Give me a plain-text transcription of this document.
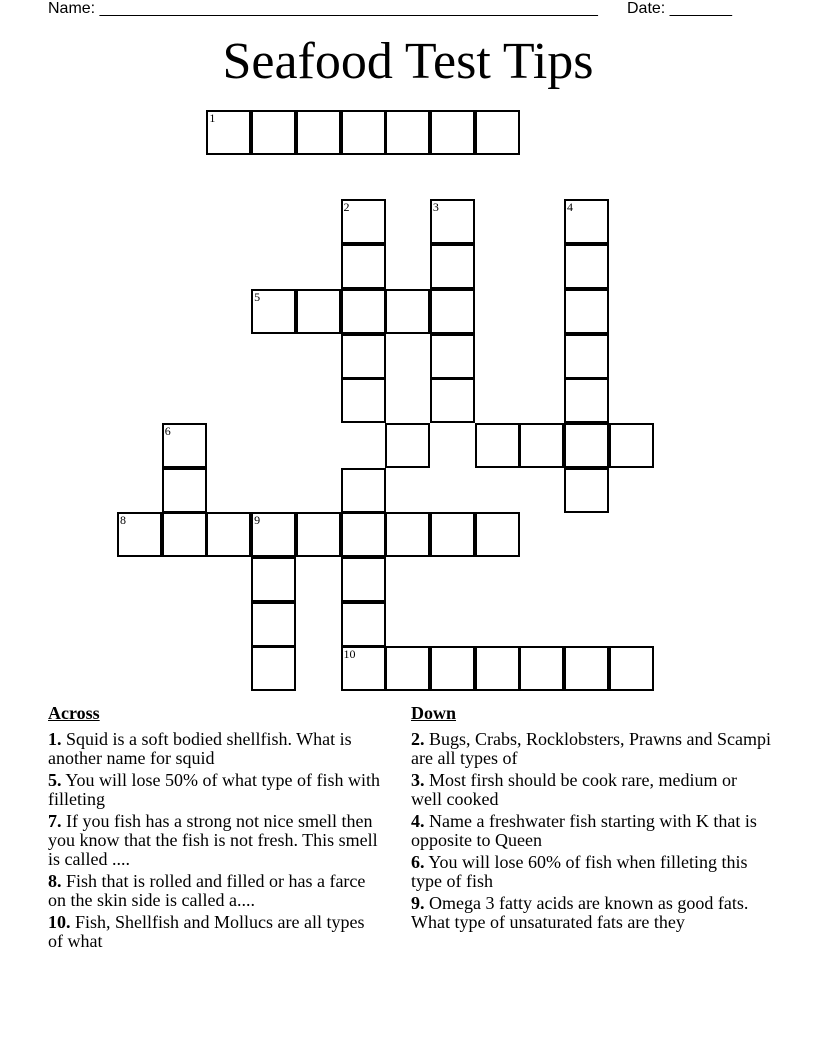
Name: ________________________________________________________ Date: _______
Seafood Test Tips
1
2	3	4
5
6
8	9
10
Across
1. Squid is a soft bodied shellfish. What is another name for squid
5. You will lose 50% of what type of fish with filleting
7. If you fish has a strong not nice smell then you know that the fish is not fresh. This smell is called ....
8. Fish that is rolled and filled or has a farce on the skin side is called a....
10. Fish, Shellfish and Mollucs are all types of what
Down
2. Bugs, Crabs, Rocklobsters, Prawns and Scampi are all types of
3. Most firsh should be cook rare, medium or well cooked
4. Name a freshwater fish starting with K that is opposite to Queen
6. You will lose 60% of fish when filleting this type of fish
9. Omega 3 fatty acids are known as good fats. What type of unsaturated fats are they
